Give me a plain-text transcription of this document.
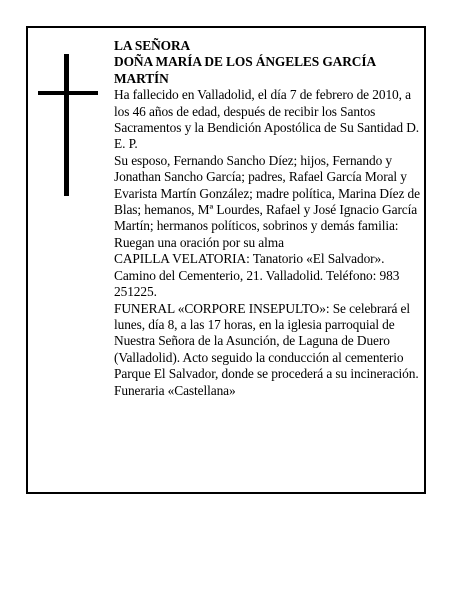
LA SEÑORA

DOÑA MARÍA DE LOS ÁNGELES GARCÍA MARTÍN

Ha fallecido en Valladolid, el día 7 de febrero de 2010, a los 46 años de edad, después de recibir los Santos Sacramentos y la Bendición Apostólica de Su Santidad D. E. P.

Su esposo, Fernando Sancho Díez; hijos, Fernando y Jonathan Sancho García; padres, Rafael García Moral y Evarista Martín González; madre política, Marina Díez de Blas; hemanos, Mª Lourdes, Rafael y José Ignacio García Martín; hermanos políticos, sobrinos y demás familia:

Ruegan una oración por su alma

CAPILLA VELATORIA: Tanatorio «El Salvador». Camino del Cementerio, 21. Valladolid. Teléfono: 983 251225.

FUNERAL «CORPORE INSEPULTO»: Se celebrará el lunes, día 8, a las 17 horas, en la iglesia parroquial de Nuestra Señora de la Asunción, de Laguna de Duero (Valladolid). Acto seguido la conducción al cementerio Parque El Salvador, donde se procederá a su incineración.

Funeraria «Castellana»
